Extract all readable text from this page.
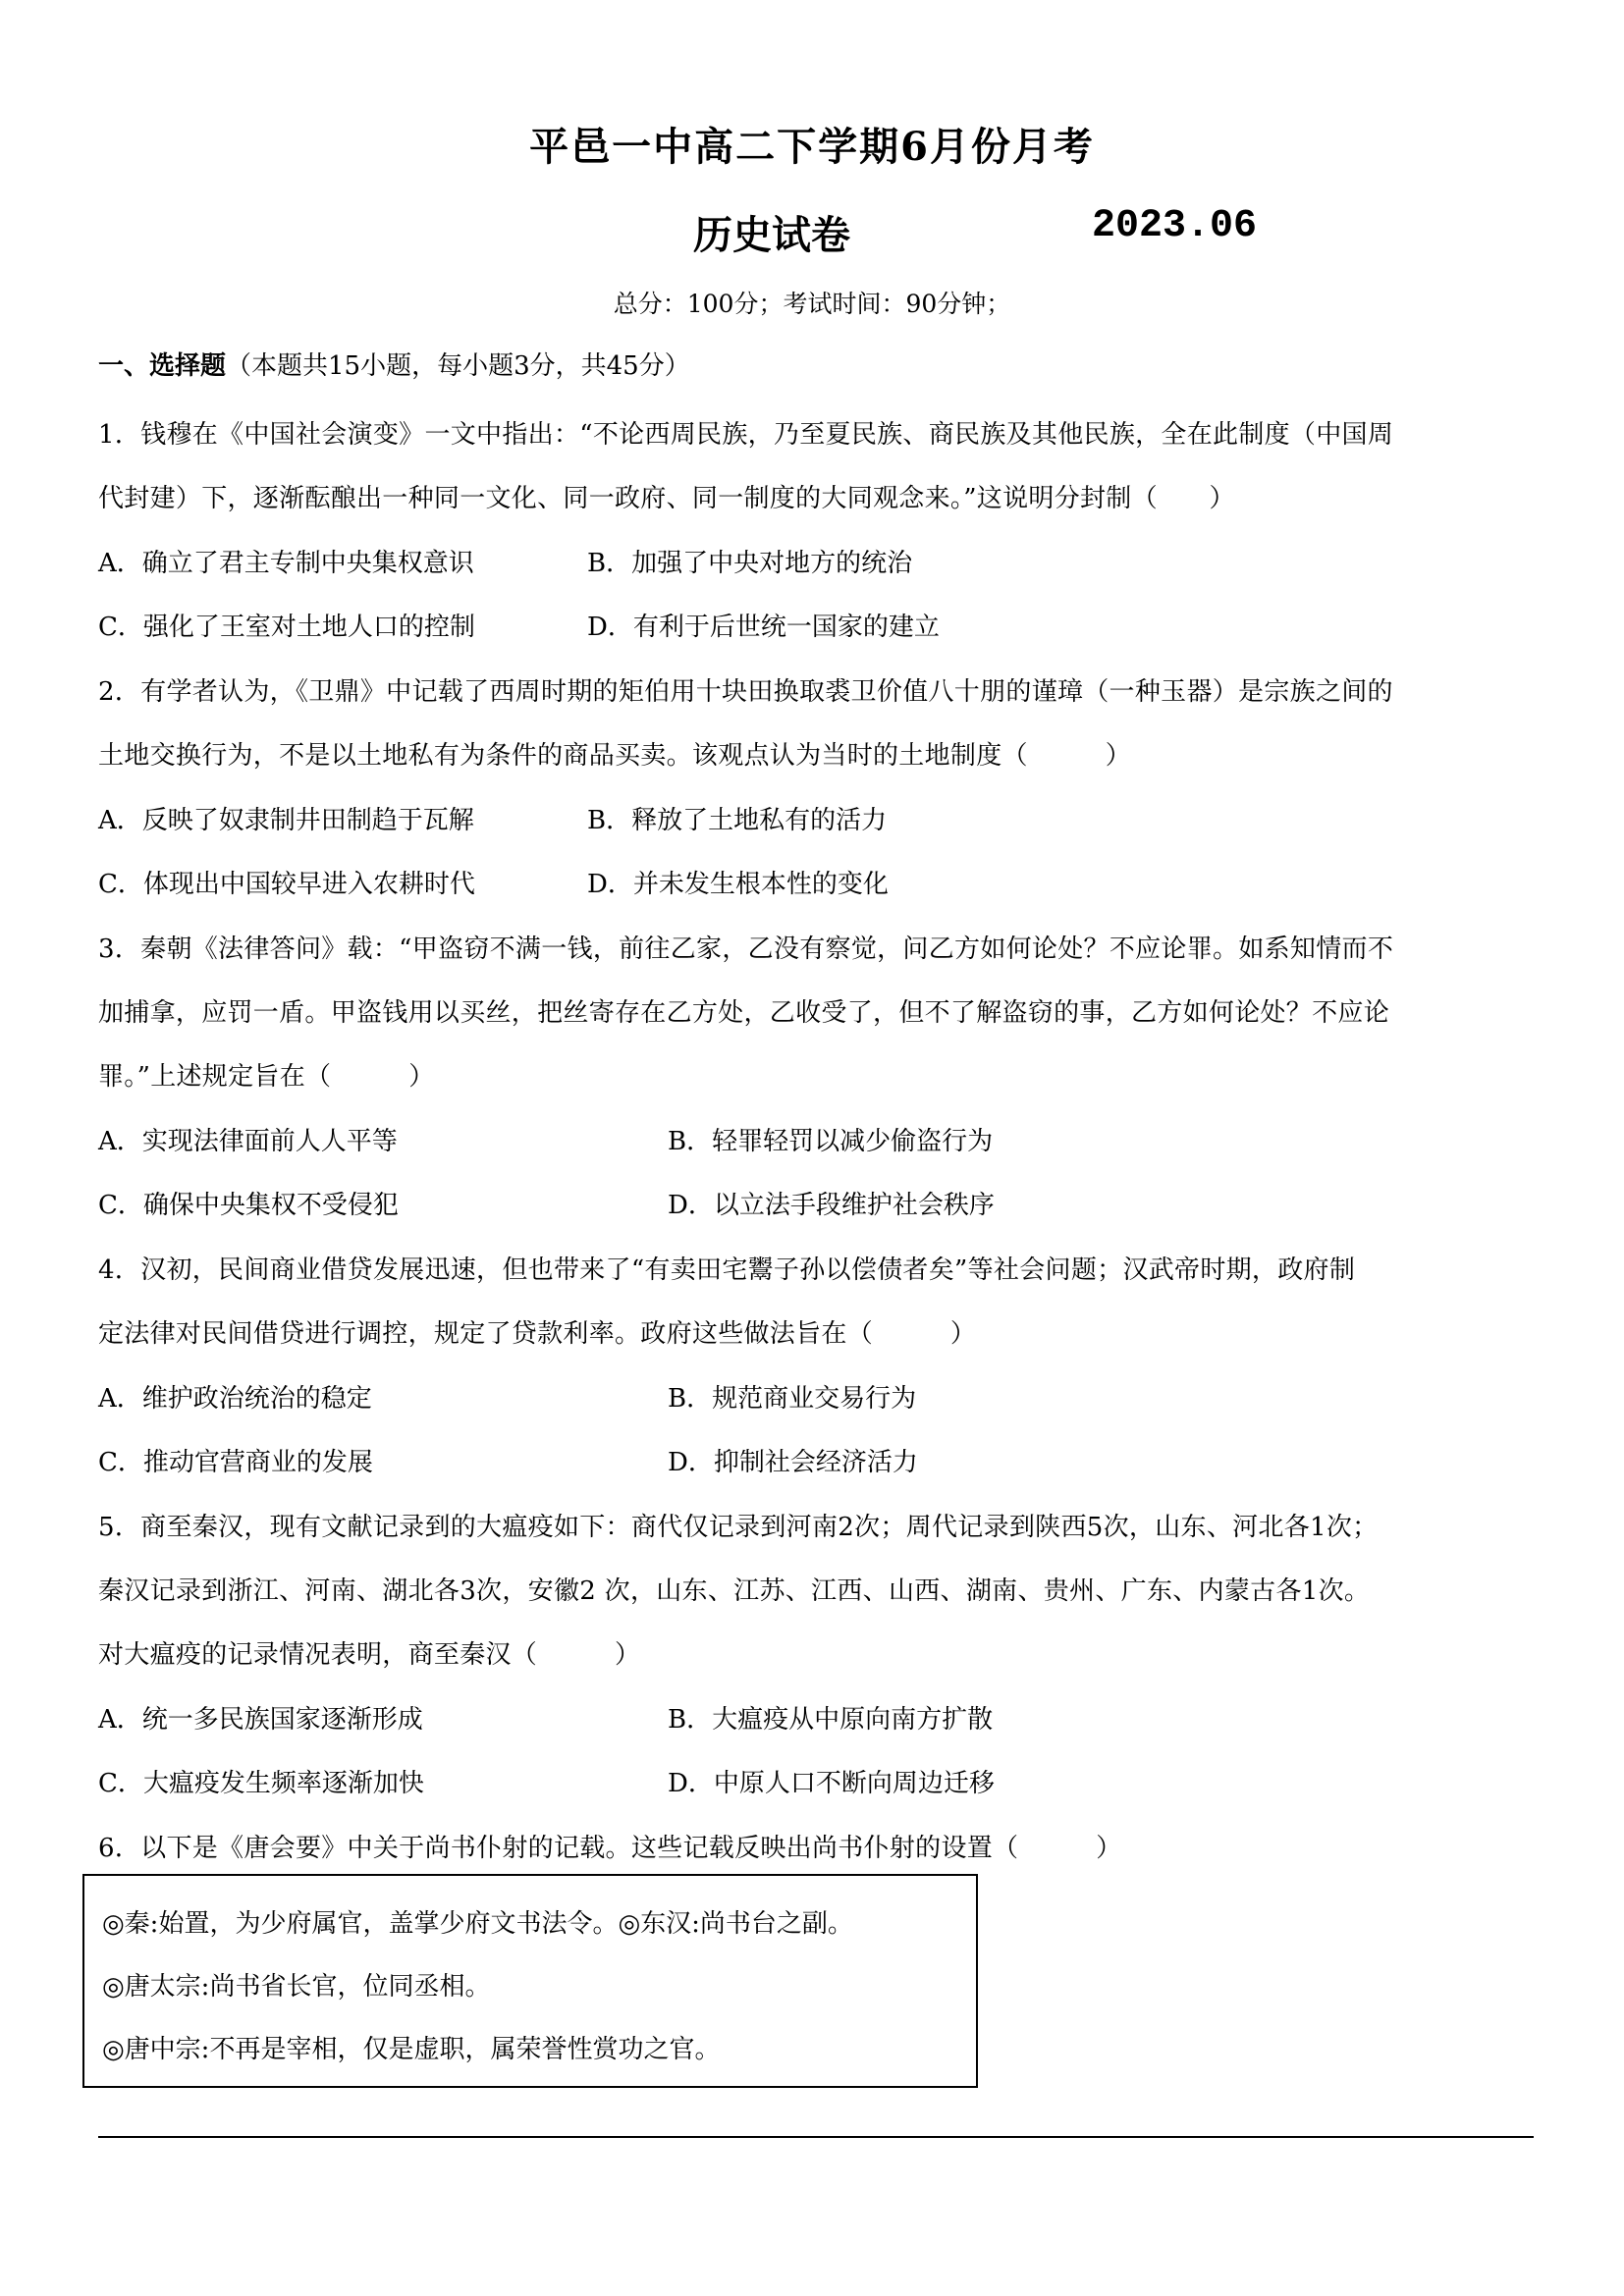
平邑一中高二下学期6月份月考
历史试卷	2023.06
总分：100分；考试时间：90分钟；
一、选择题（本题共15小题，每小题3分，共45分）
1．钱穆在《中国社会演变》一文中指出：“不论西周民族，乃至夏民族、商民族及其他民族，全在此制度（中国周
代封建）下，逐渐酝酿出一种同一文化、同一政府、同一制度的大同观念来。”这说明分封制（　　）
A．确立了君主专制中央集权意识	B．加强了中央对地方的统治
C．强化了王室对土地人口的控制	D．有利于后世统一国家的建立
2．有学者认为，《卫鼎》中记载了西周时期的矩伯用十块田换取裘卫价值八十朋的谨璋（一种玉器）是宗族之间的
土地交换行为，不是以土地私有为条件的商品买卖。该观点认为当时的土地制度（　　　）
A．反映了奴隶制井田制趋于瓦解	B．释放了土地私有的活力
C．体现出中国较早进入农耕时代	D．并未发生根本性的变化
3．秦朝《法律答问》载：“甲盗窃不满一钱，前往乙家，乙没有察觉，问乙方如何论处？不应论罪。如系知情而不
加捕拿，应罚一盾。甲盗钱用以买丝，把丝寄存在乙方处，乙收受了，但不了解盗窃的事，乙方如何论处？不应论
罪。”上述规定旨在（　　　）
A．实现法律面前人人平等	B．轻罪轻罚以减少偷盗行为
C．确保中央集权不受侵犯	D．以立法手段维护社会秩序
4．汉初，民间商业借贷发展迅速，但也带来了“有卖田宅鬻子孙以偿债者矣”等社会问题；汉武帝时期，政府制
定法律对民间借贷进行调控，规定了贷款利率。政府这些做法旨在（　　　）
A．维护政治统治的稳定	B．规范商业交易行为
C．推动官营商业的发展	D．抑制社会经济活力
5．商至秦汉，现有文献记录到的大瘟疫如下：商代仅记录到河南2次；周代记录到陕西5次，山东、河北各1次；
秦汉记录到浙江、河南、湖北各3次，安徽2 次，山东、江苏、江西、山西、湖南、贵州、广东、内蒙古各1次。
对大瘟疫的记录情况表明，商至秦汉（　　　）
A．统一多民族国家逐渐形成	B．大瘟疫从中原向南方扩散
C．大瘟疫发生频率逐渐加快	D．中原人口不断向周边迁移
6．以下是《唐会要》中关于尚书仆射的记载。这些记载反映出尚书仆射的设置（　　　）
◎秦:始置，为少府属官，盖掌少府文书法令。◎东汉:尚书台之副。
◎唐太宗:尚书省长官，位同丞相。
◎唐中宗:不再是宰相，仅是虚职，属荣誉性赏功之官。
